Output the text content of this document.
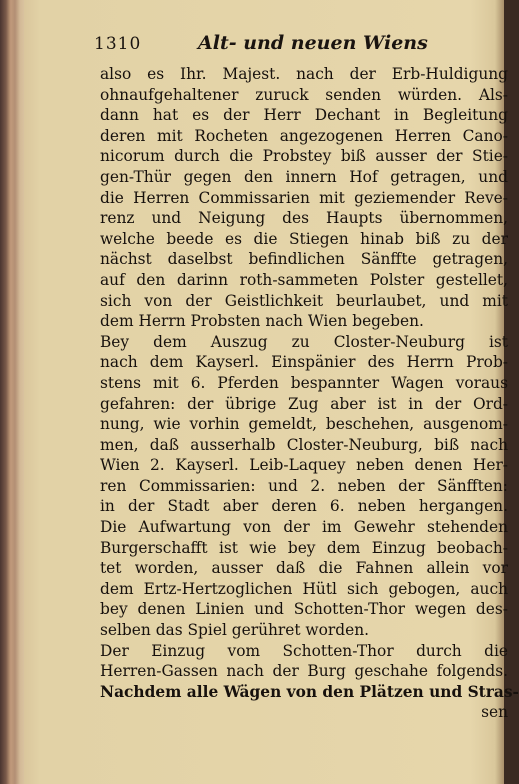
1310	Alt- und neuen Wiens
also es Ihr. Majest. nach der Erb-Huldigung
ohnaufgehaltener zuruck senden würden. Als-
dann hat es der Herr Dechant in Begleitung
deren mit Rocheten angezogenen Herren Cano-
nicorum durch die Probstey biß ausser der Stie-
gen-Thür gegen den innern Hof getragen, und
die Herren Commissarien mit geziemender Reve-
renz und Neigung des Haupts übernommen,
welche beede es die Stiegen hinab biß zu der
nächst daselbst befindlichen Sänffte getragen,
auf den darinn roth-sammeten Polster gestellet,
sich von der Geistlichkeit beurlaubet, und mit
dem Herrn Probsten nach Wien begeben.
Bey dem Auszug zu Closter-Neuburg ist
nach dem Kayserl. Einspänier des Herrn Prob-
stens mit 6. Pferden bespannter Wagen voraus
gefahren: der übrige Zug aber ist in der Ord-
nung, wie vorhin gemeldt, beschehen, ausgenom-
men, daß ausserhalb Closter-Neuburg, biß nach
Wien 2. Kayserl. Leib-Laquey neben denen Her-
ren Commissarien: und 2. neben der Sänfften:
in der Stadt aber deren 6. neben hergangen.
Die Aufwartung von der im Gewehr stehenden
Burgerschafft ist wie bey dem Einzug beobach-
tet worden, ausser daß die Fahnen allein vor
dem Ertz-Hertzoglichen Hütl sich gebogen, auch
bey denen Linien und Schotten-Thor wegen des-
selben das Spiel gerühret worden.
Der Einzug vom Schotten-Thor durch die
Herren-Gassen nach der Burg geschahe folgends.
Nachdem alle Wägen von den Plätzen und Stras-
sen
